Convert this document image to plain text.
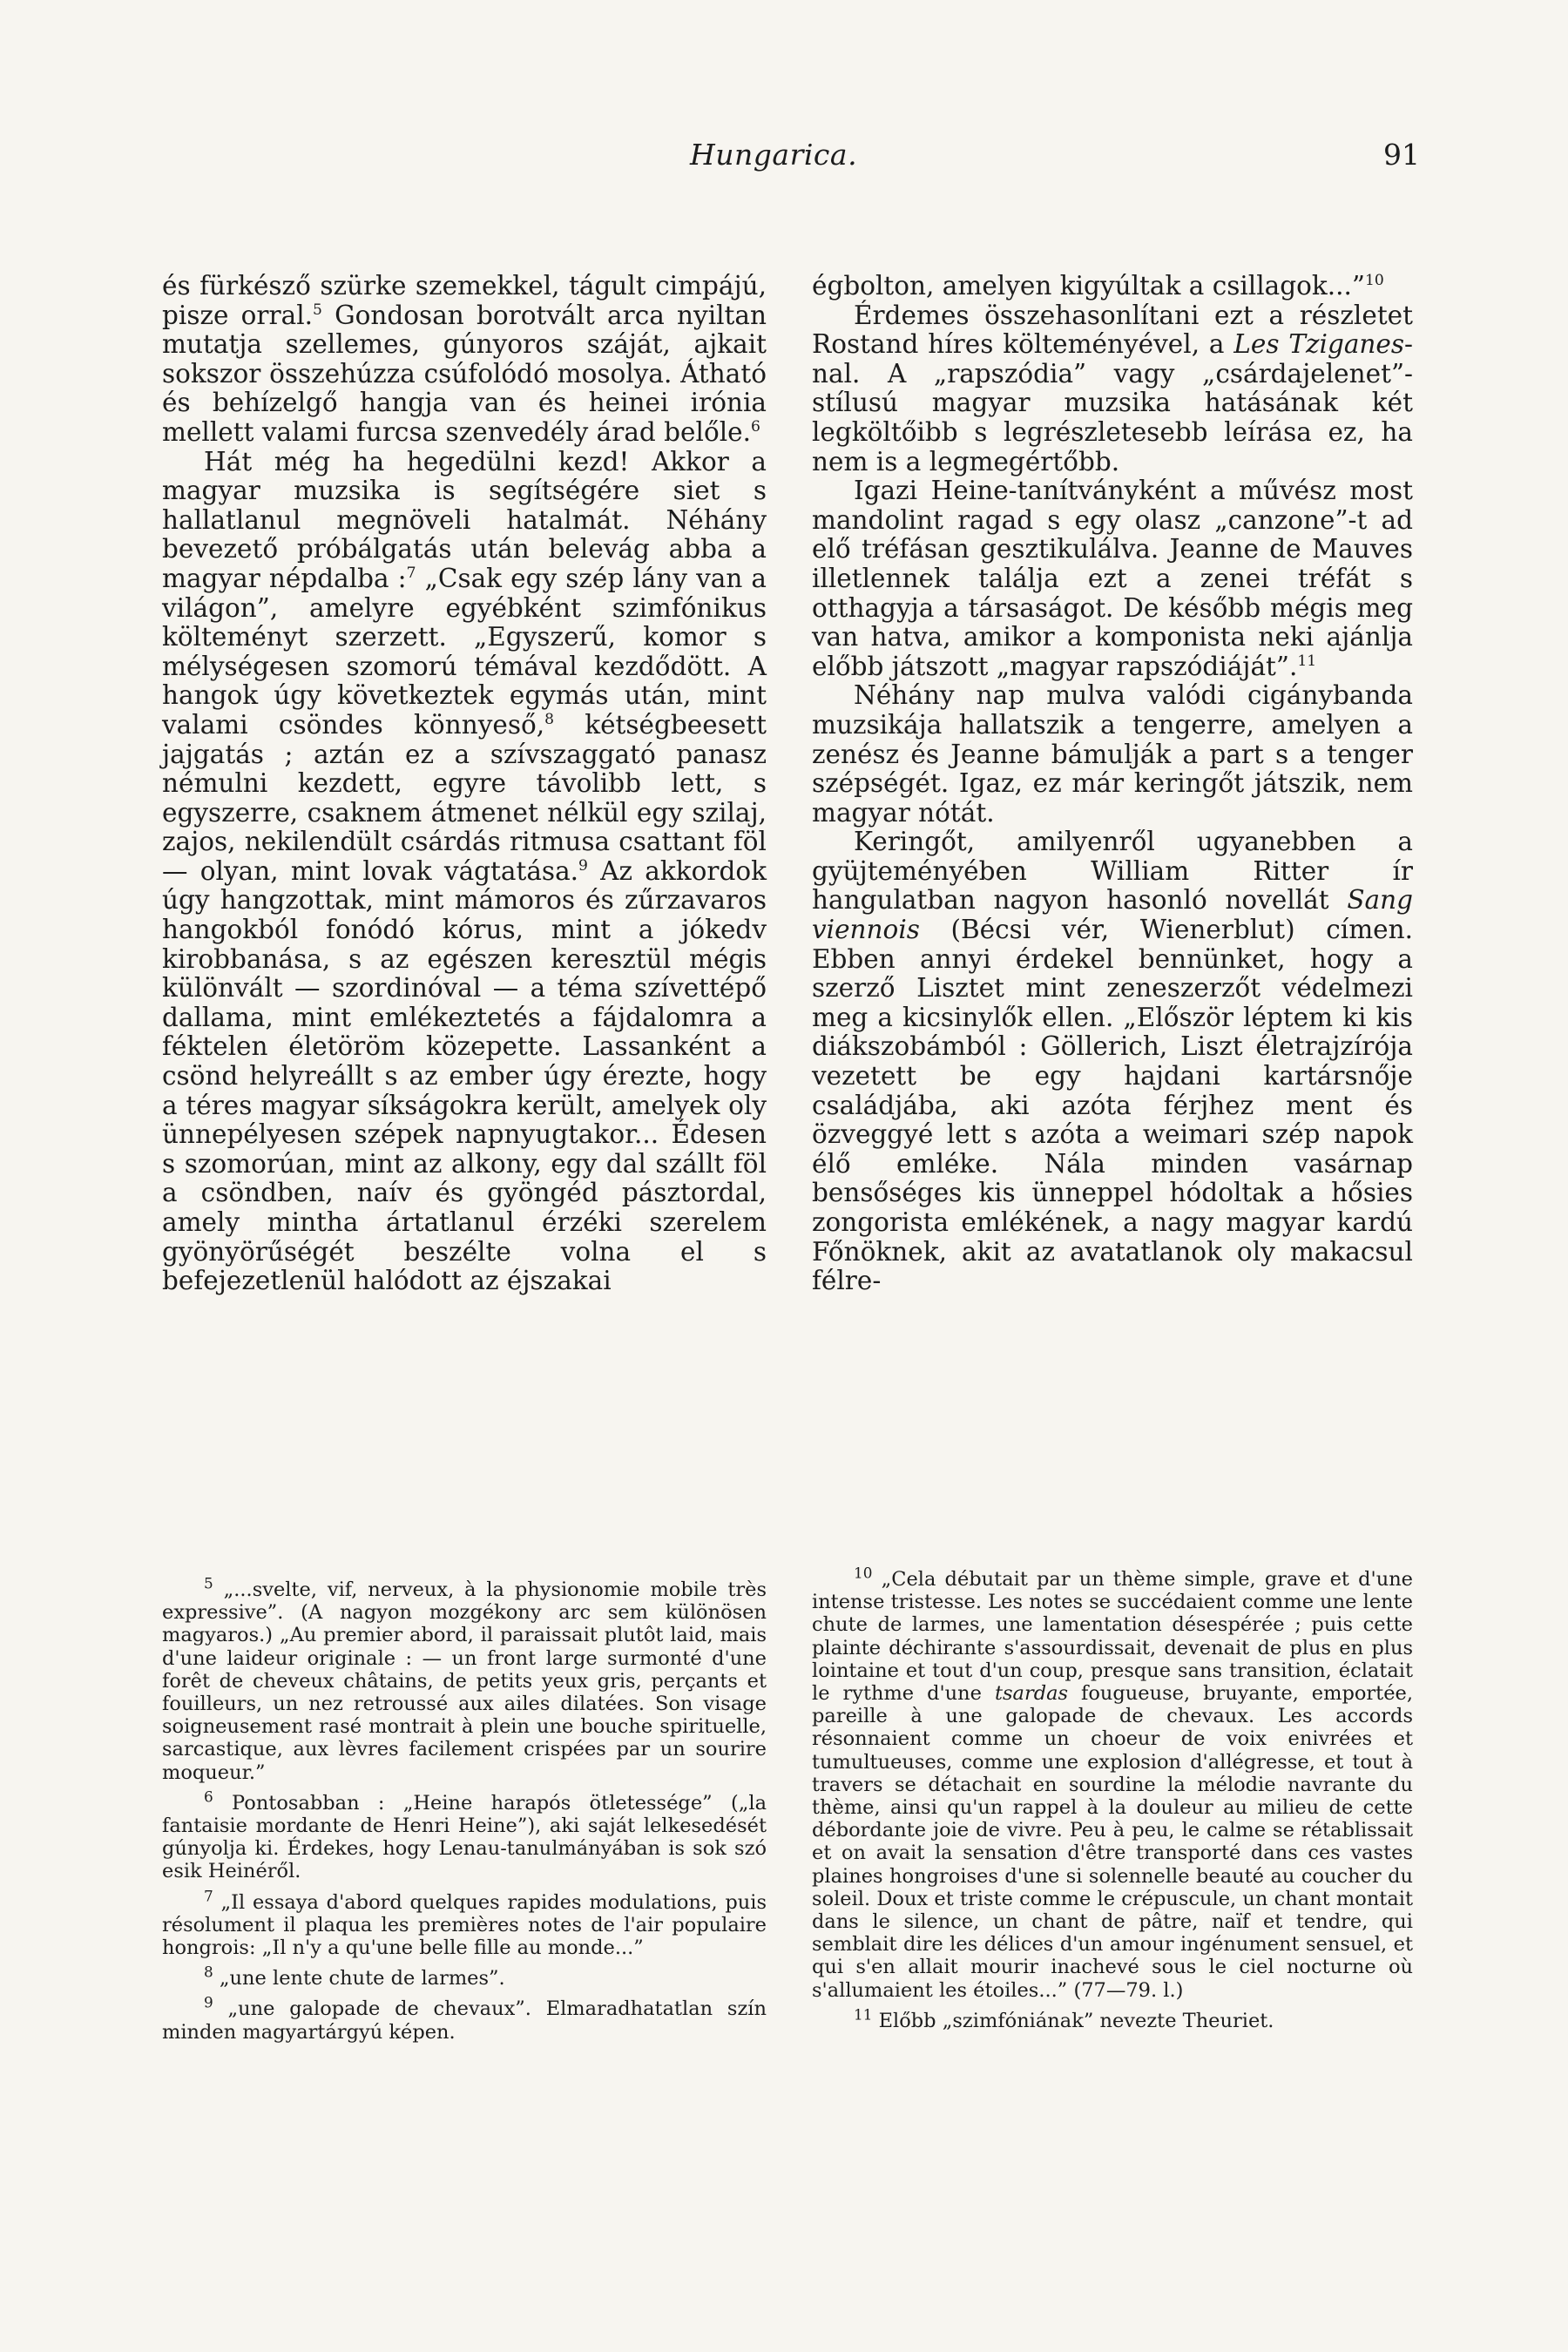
Hungarica.	91

és fürkésző szürke szemekkel, tágult cimpájú, pisze orral.$^5$ Gondosan borotvált arca nyiltan mutatja szellemes, gúnyoros száját, ajkait sokszor összehúzza csúfolódó mosolya. Átható és behízelgő hangja van és heinei irónia mellett valami furcsa szenvedély árad belőle.$^6$

Hát még ha hegedülni kezd! Akkor a magyar muzsika is segítségére siet s hallatlanul megnöveli hatalmát. Néhány bevezető próbálgatás után belevág abba a magyar népdalba :$^7$ „Csak egy szép lány van a világon”, amelyre egyébként szimfónikus költeményt szerzett. „Egyszerű, komor s mélységesen szomorú témával kezdődött. A hangok úgy következtek egymás után, mint valami csöndes könnyeső,$^8$ kétségbeesett jajgatás ; aztán ez a szívszaggató panasz némulni kezdett, egyre távolibb lett, s egyszerre, csaknem átmenet nélkül egy szilaj, zajos, nekilendült csárdás ritmusa csattant föl — olyan, mint lovak vágtatása.$^9$ Az akkordok úgy hangzottak, mint mámoros és zűrzavaros hangokból fonódó kórus, mint a jókedv kirobbanása, s az egészen keresztül mégis különvált — szordinóval — a téma szívettépő dallama, mint emlékeztetés a fájdalomra a féktelen életöröm közepette. Lassanként a csönd helyreállt s az ember úgy érezte, hogy a téres magyar síkságokra került, amelyek oly ünnepélyesen szépek napnyugtakor... Édesen s szomorúan, mint az alkony, egy dal szállt föl a csöndben, naív és gyöngéd pásztordal, amely mintha ártatlanul érzéki szerelem gyönyörűségét beszélte volna el s befejezetlenül halódott az éjszakai

égbolton, amelyen kigyúltak a csillagok...”$^{10}$

Érdemes összehasonlítani ezt a részletet Rostand híres költeményével, a Les Tziganes-nal. A „rapszódia” vagy „csárdajelenet”-stílusú magyar muzsika hatásának két legköltőibb s legrészletesebb leírása ez, ha nem is a legmegértőbb.

Igazi Heine-tanítványként a művész most mandolint ragad s egy olasz „canzone”-t ad elő tréfásan gesztikulálva. Jeanne de Mauves illetlennek találja ezt a zenei tréfát s otthagyja a társaságot. De később mégis meg van hatva, amikor a komponista neki ajánlja előbb játszott „magyar rapszódiáját”.$^{11}$

Néhány nap mulva valódi cigánybanda muzsikája hallatszik a tengerre, amelyen a zenész és Jeanne bámulják a part s a tenger szépségét. Igaz, ez már keringőt játszik, nem magyar nótát.

Keringőt, amilyenről ugyanebben a gyüjteményében William Ritter ír hangulatban nagyon hasonló novellát Sang viennois (Bécsi vér, Wienerblut) címen. Ebben annyi érdekel bennünket, hogy a szerző Lisztet mint zeneszerzőt védelmezi meg a kicsinylők ellen. „Először léptem ki kis diákszobámból : Göllerich, Liszt életrajzírója vezetett be egy hajdani kartársnője családjába, aki azóta férjhez ment és özveggyé lett s azóta a weimari szép napok élő emléke. Nála minden vasárnap bensőséges kis ünneppel hódoltak a hősies zongorista emlékének, a nagy magyar kardú Főnöknek, akit az avatatlanok oly makacsul félre-

$^5$ „...svelte, vif, nerveux, à la physionomie mobile très expressive”. (A nagyon mozgékony arc sem különösen magyaros.) „Au premier abord, il paraissait plutôt laid, mais d'une laideur originale : — un front large surmonté d'une forêt de cheveux châtains, de petits yeux gris, perçants et fouilleurs, un nez retroussé aux ailes dilatées. Son visage soigneusement rasé montrait à plein une bouche spirituelle, sarcastique, aux lèvres facilement crispées par un sourire moqueur.”

$^6$ Pontosabban : „Heine harapós ötletessége” („la fantaisie mordante de Henri Heine”), aki saját lelkesedését gúnyolja ki. Érdekes, hogy Lenau-tanulmányában is sok szó esik Heinéről.

$^7$ „Il essaya d'abord quelques rapides modulations, puis résolument il plaqua les premières notes de l'air populaire hongrois: „Il n'y a qu'une belle fille au monde...”

$^8$ „une lente chute de larmes”.

$^9$ „une galopade de chevaux”. Elmaradhatatlan szín minden magyartárgyú képen.

$^{10}$ „Cela débutait par un thème simple, grave et d'une intense tristesse. Les notes se succédaient comme une lente chute de larmes, une lamentation désespérée ; puis cette plainte déchirante s'assourdissait, devenait de plus en plus lointaine et tout d'un coup, presque sans transition, éclatait le rythme d'une tsardas fougueuse, bruyante, emportée, pareille à une galopade de chevaux. Les accords résonnaient comme un choeur de voix enivrées et tumultueuses, comme une explosion d'allégresse, et tout à travers se détachait en sourdine la mélodie navrante du thème, ainsi qu'un rappel à la douleur au milieu de cette débordante joie de vivre. Peu à peu, le calme se rétablissait et on avait la sensation d'être transporté dans ces vastes plaines hongroises d'une si solennelle beauté au coucher du soleil. Doux et triste comme le crépuscule, un chant montait dans le silence, un chant de pâtre, naïf et tendre, qui semblait dire les délices d'un amour ingénument sensuel, et qui s'en allait mourir inachevé sous le ciel nocturne où s'allumaient les étoiles...” (77—79. l.)

$^{11}$ Előbb „szimfóniának” nevezte Theuriet.
